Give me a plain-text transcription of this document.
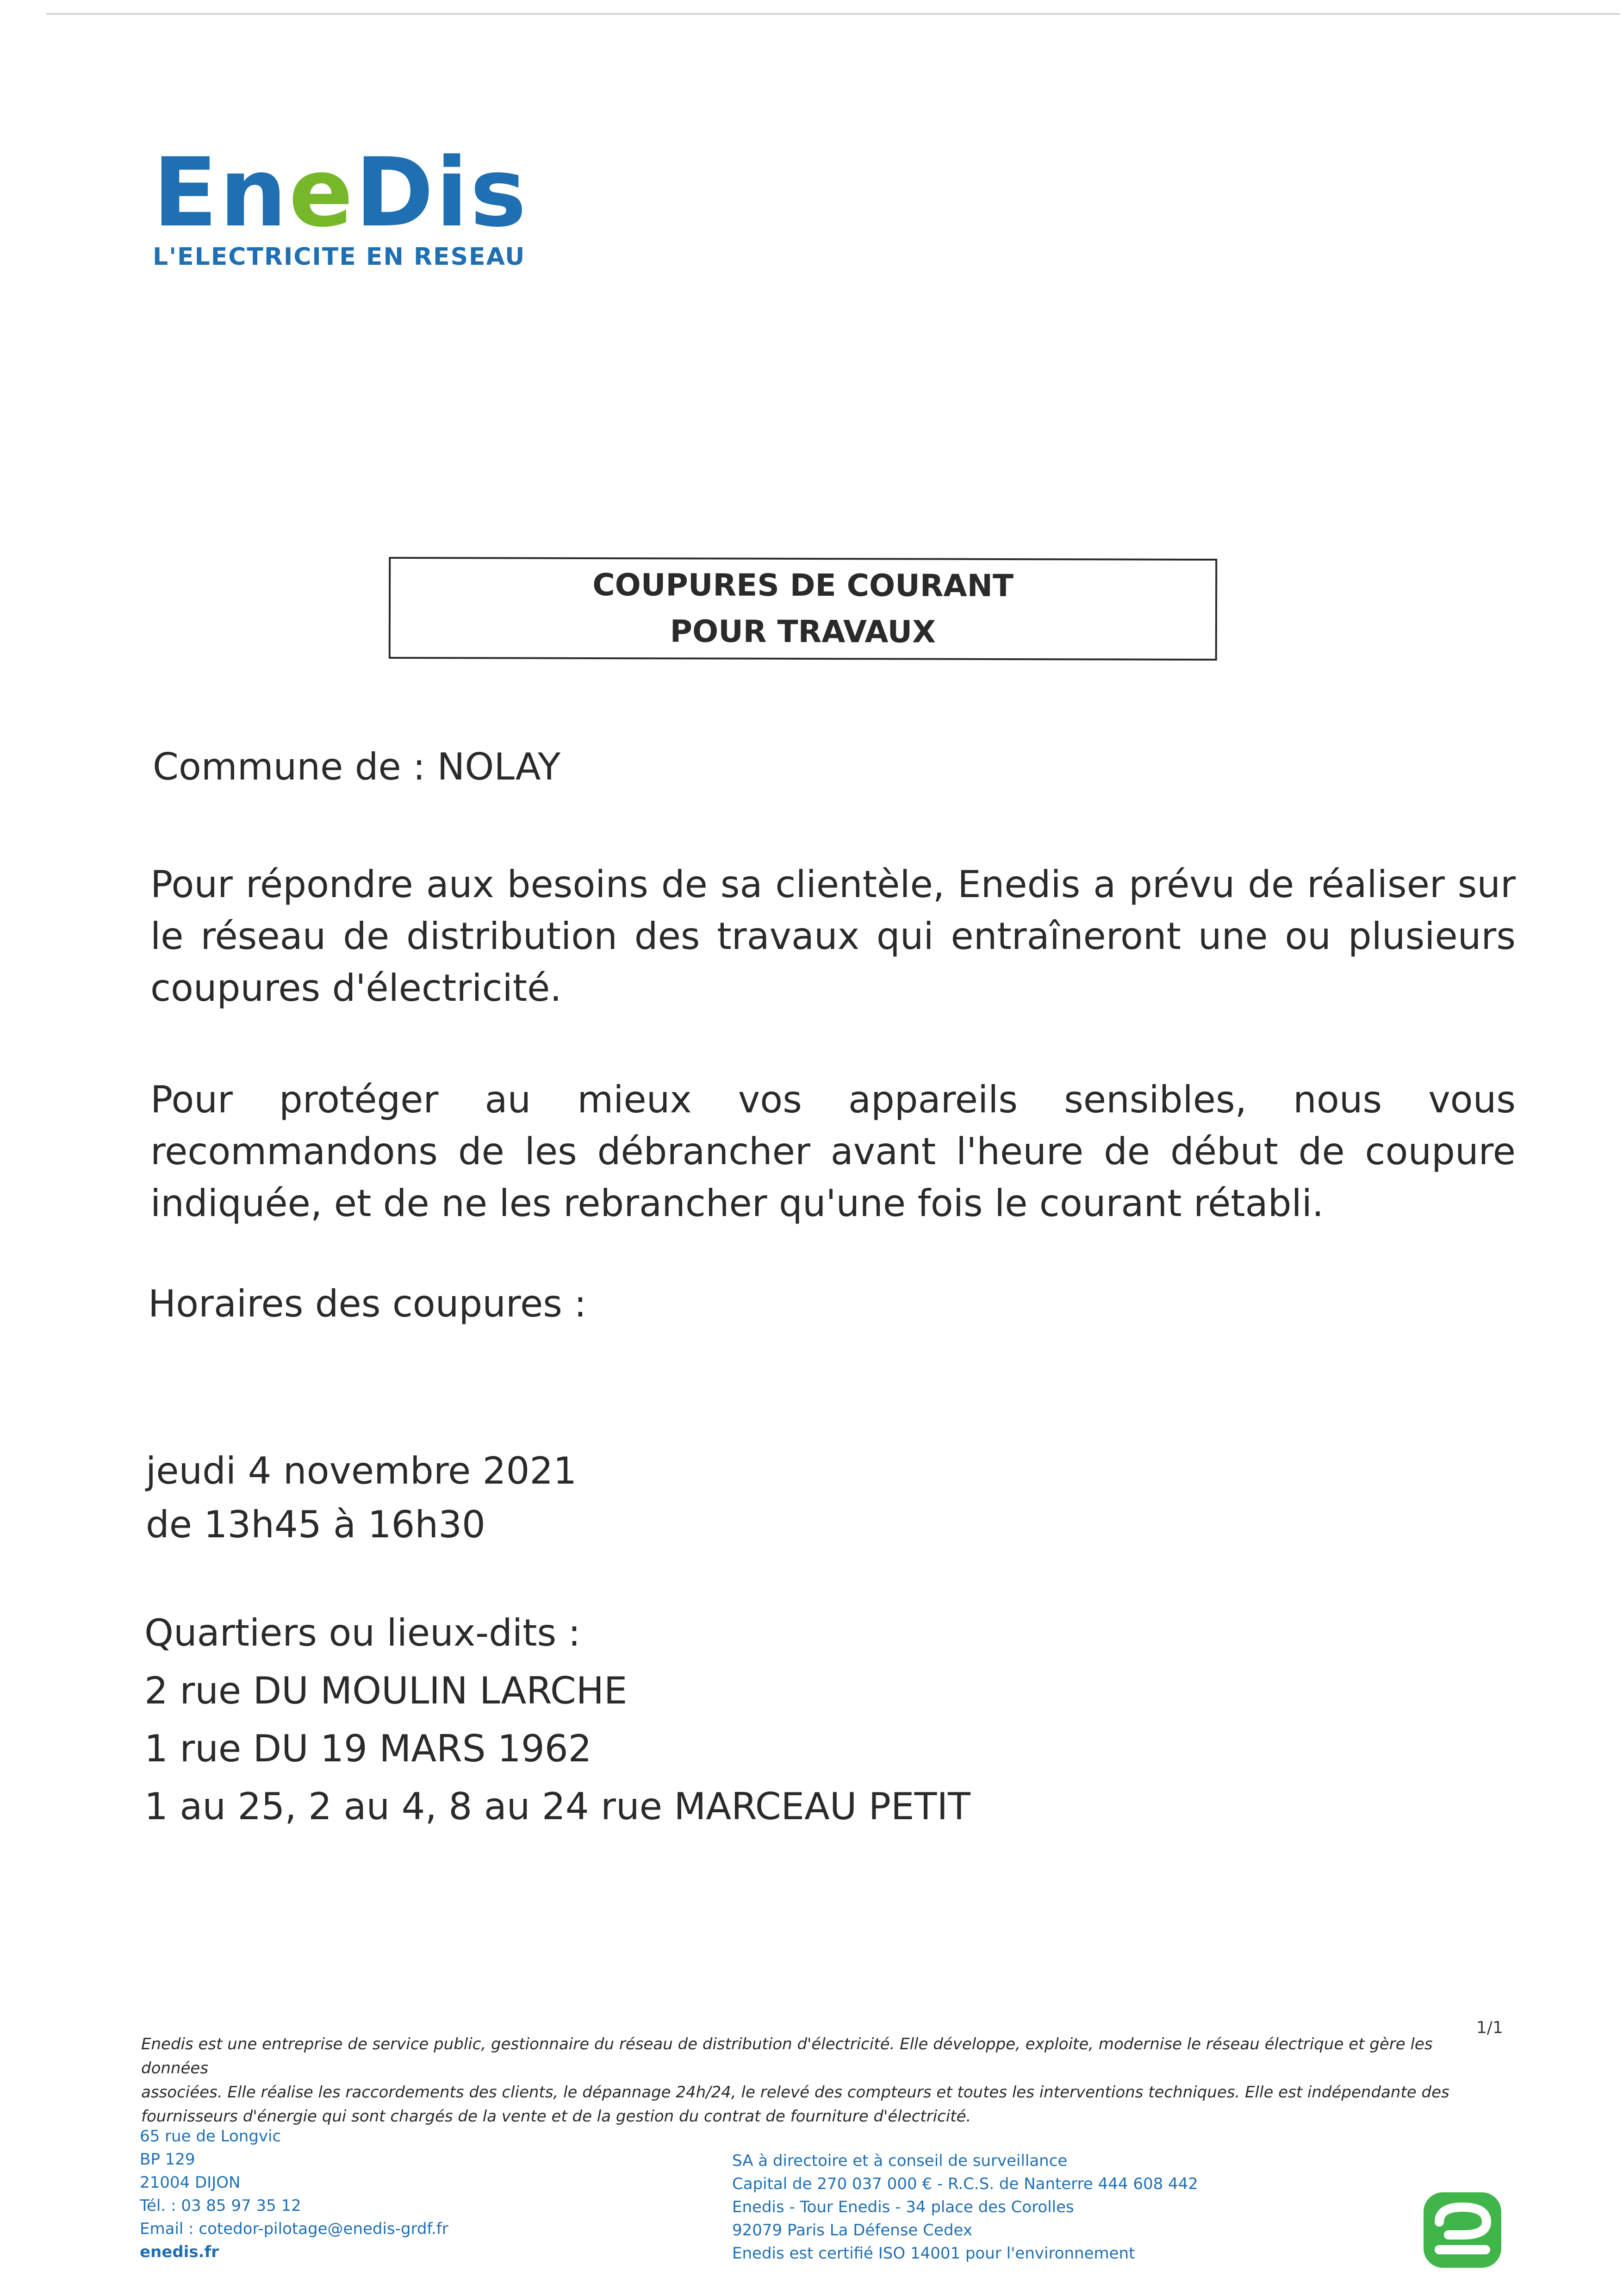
En e Dis
L'ELECTRICITE EN RESEAU
COUPURES DE COURANT
POUR TRAVAUX
Commune de : NOLAY
Pour répondre aux besoins de sa clientèle, Enedis a prévu de réaliser sur le réseau de distribution des travaux qui entraîneront une ou plusieurs coupures d'électricité.
Pour protéger au mieux vos appareils sensibles, nous vous recommandons de les débrancher avant l'heure de début de coupure indiquée, et de ne les rebrancher qu'une fois le courant rétabli.
Horaires des coupures :
jeudi 4 novembre 2021
de 13h45 à 16h30
Quartiers ou lieux-dits :
2 rue DU MOULIN LARCHE
1 rue DU 19 MARS 1962
1 au 25, 2 au 4, 8 au 24 rue MARCEAU PETIT
1/1
Enedis est une entreprise de service public, gestionnaire du réseau de distribution d'électricité. Elle développe, exploite, modernise le réseau électrique et gère les données
associées. Elle réalise les raccordements des clients, le dépannage 24h/24, le relevé des compteurs et toutes les interventions techniques. Elle est indépendante des
fournisseurs d'énergie qui sont chargés de la vente et de la gestion du contrat de fourniture d'électricité.
65 rue de Longvic
BP 129
21004 DIJON
Tél. : 03 85 97 35 12
Email : cotedor-pilotage@enedis-grdf.fr
enedis.fr
SA à directoire et à conseil de surveillance
Capital de 270 037 000 € - R.C.S. de Nanterre 444 608 442
Enedis - Tour Enedis - 34 place des Corolles
92079 Paris La Défense Cedex
Enedis est certifié ISO 14001 pour l'environnement
